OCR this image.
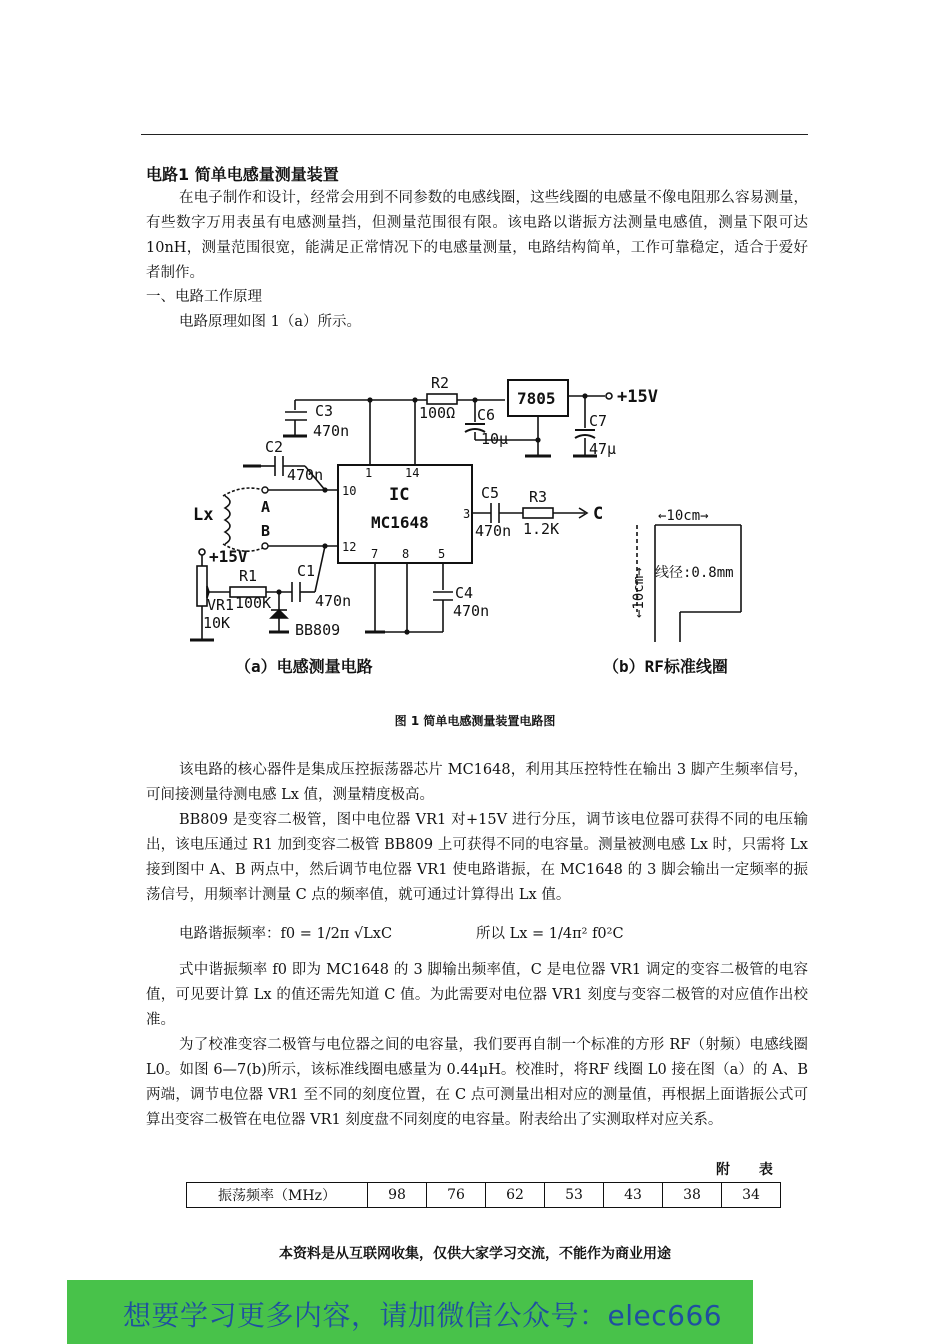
电路1 简单电感量测量装置

在电子制作和设计，经常会用到不同参数的电感线圈，这些线圈的电感量不像电阻那么容易测量，有些数字万用表虽有电感测量挡，但测量范围很有限。该电路以谐振方法测量电感值，测量下限可达 10nH，测量范围很宽，能满足正常情况下的电感量测量，电路结构简单，工作可靠稳定，适合于爱好者制作。

一、电路工作原理
电路原理如图 1（a）所示。
R2
100Ω
7805	+15V
C3
470n
C6
10μ
C7
47μ
C2
470n	1	14
Lx	A
B
10
12
IC
MC1648
C5
3
470n
R3
1.2K
C
+15V	7 8 5
R1
100K
C1
470n	C4
470n
VR1
10K	BB809
←10cm→
←10cm→ 线径:0.8mm
（a）电感测量电路	（b）RF标准线圈
图 1 简单电感测量装置电路图

该电路的核心器件是集成压控振荡器芯片 MC1648，利用其压控特性在输出 3 脚产生频率信号，可间接测量待测电感 Lx 值，测量精度极高。

BB809 是变容二极管，图中电位器 VR1 对+15V 进行分压，调节该电位器可获得不同的电压输出，该电压通过 R1 加到变容二极管 BB809 上可获得不同的电容量。测量被测电感 Lx 时，只需将 Lx 接到图中 A、B 两点中，然后调节电位器 VR1 使电路谐振，在 MC1648 的 3 脚会输出一定频率的振荡信号，用频率计测量 C 点的频率值，就可通过计算得出 Lx 值。

电路谐振频率：f0 = 1/2π √LxC	所以 Lx = 1/4π² f0²C

式中谐振频率 f0 即为 MC1648 的 3 脚输出频率值，C 是电位器 VR1 调定的变容二极管的电容值，可见要计算 Lx 的值还需先知道 C 值。为此需要对电位器 VR1 刻度与变容二极管的对应值作出校准。

为了校准变容二极管与电位器之间的电容量，我们要再自制一个标准的方形 RF（射频）电感线圈 L0。如图 6—7(b)所示，该标准线圈电感量为 0.44μH。校准时，将RF 线圈 L0 接在图（a）的 A、B 两端，调节电位器 VR1 至不同的刻度位置，在 C 点可测量出相对应的测量值，再根据上面谐振公式可算出变容二极管在电位器 VR1 刻度盘不同刻度的电容量。附表给出了实测取样对应关系。

附 表
振荡频率（MHz）	98	76	62	53	43	38	34
本资料是从互联网收集，仅供大家学习交流，不能作为商业用途
想要学习更多内容，请加微信公众号：elec666
